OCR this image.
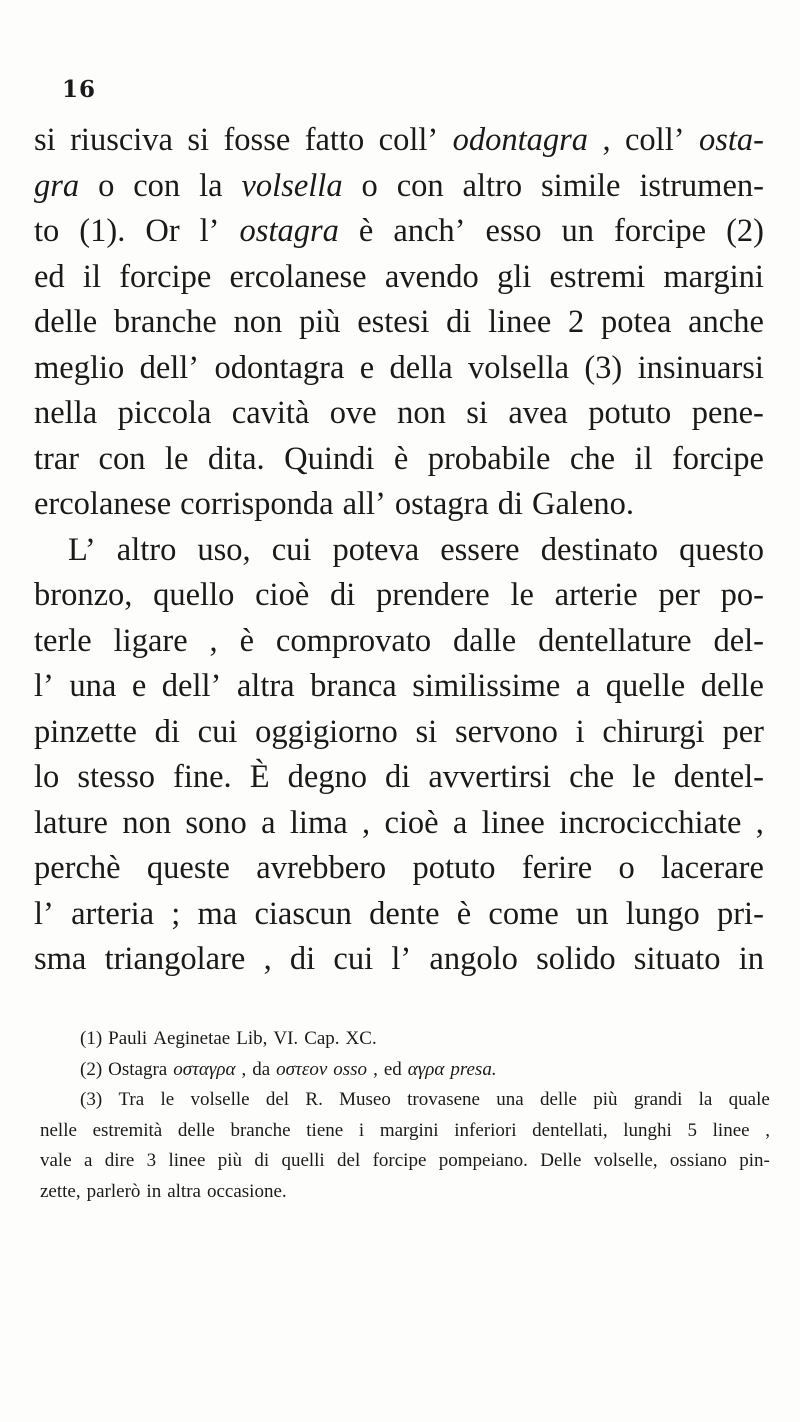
16
si riusciva si fosse fatto coll’ odontagra , coll’ osta-
gra o con la volsella o con altro simile istrumen-
to (1). Or l’ ostagra è anch’ esso un forcipe (2)
ed il forcipe ercolanese avendo gli estremi margini
delle branche non più estesi di linee 2 potea anche
meglio dell’ odontagra e della volsella (3) insinuarsi
nella piccola cavità ove non si avea potuto pene-
trar con le dita. Quindi è probabile che il forcipe
ercolanese corrisponda all’ ostagra di Galeno.
L’ altro uso, cui poteva essere destinato questo
bronzo, quello cioè di prendere le arterie per po-
terle ligare , è comprovato dalle dentellature del-
l’ una e dell’ altra branca similissime a quelle delle
pinzette di cui oggigiorno si servono i chirurgi per
lo stesso fine. È degno di avvertirsi che le dentel-
lature non sono a lima , cioè a linee incrocicchiate ,
perchè queste avrebbero potuto ferire o lacerare
l’ arteria ; ma ciascun dente è come un lungo pri-
sma triangolare , di cui l’ angolo solido situato in
(1) Pauli Aeginetae Lib, VI. Cap. XC.
(2) Ostagra οσταγρα , da οστεον osso , ed αγρα presa.
(3) Tra le volselle del R. Museo trovasene una delle più grandi la quale
nelle estremità delle branche tiene i margini inferiori dentellati, lunghi 5 linee ,
vale a dire 3 linee più di quelli del forcipe pompeiano. Delle volselle, ossiano pin-
zette, parlerò in altra occasione.
